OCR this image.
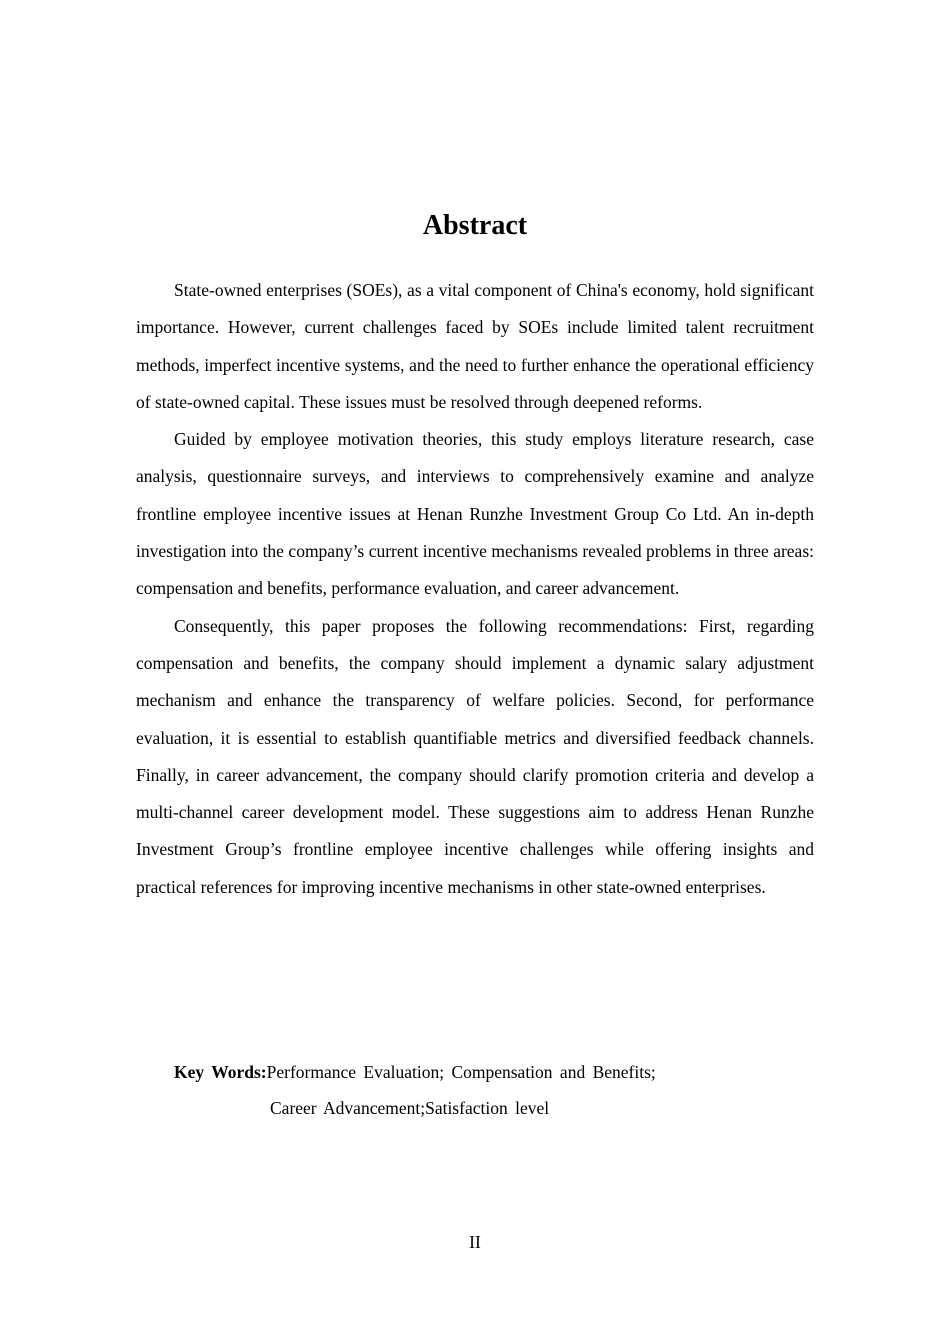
Abstract

State-owned enterprises (SOEs), as a vital component of China's economy, hold significant importance. However, current challenges faced by SOEs include limited talent recruitment methods, imperfect incentive systems, and the need to further enhance the operational efficiency of state-owned capital. These issues must be resolved through deepened reforms.

Guided by employee motivation theories, this study employs literature research, case analysis, questionnaire surveys, and interviews to comprehensively examine and analyze frontline employee incentive issues at Henan Runzhe Investment Group Co Ltd. An in-depth investigation into the company’s current incentive mechanisms revealed problems in three areas: compensation and benefits, performance evaluation, and career advancement.

Consequently, this paper proposes the following recommendations: First, regarding compensation and benefits, the company should implement a dynamic salary adjustment mechanism and enhance the transparency of welfare policies. Second, for performance evaluation, it is essential to establish quantifiable metrics and diversified feedback channels. Finally, in career advancement, the company should clarify promotion criteria and develop a multi-channel career development model. These suggestions aim to address Henan Runzhe Investment Group’s frontline employee incentive challenges while offering insights and practical references for improving incentive mechanisms in other state-owned enterprises.

Key Words:Performance Evaluation; Compensation and Benefits;
Career Advancement;Satisfaction level
II
